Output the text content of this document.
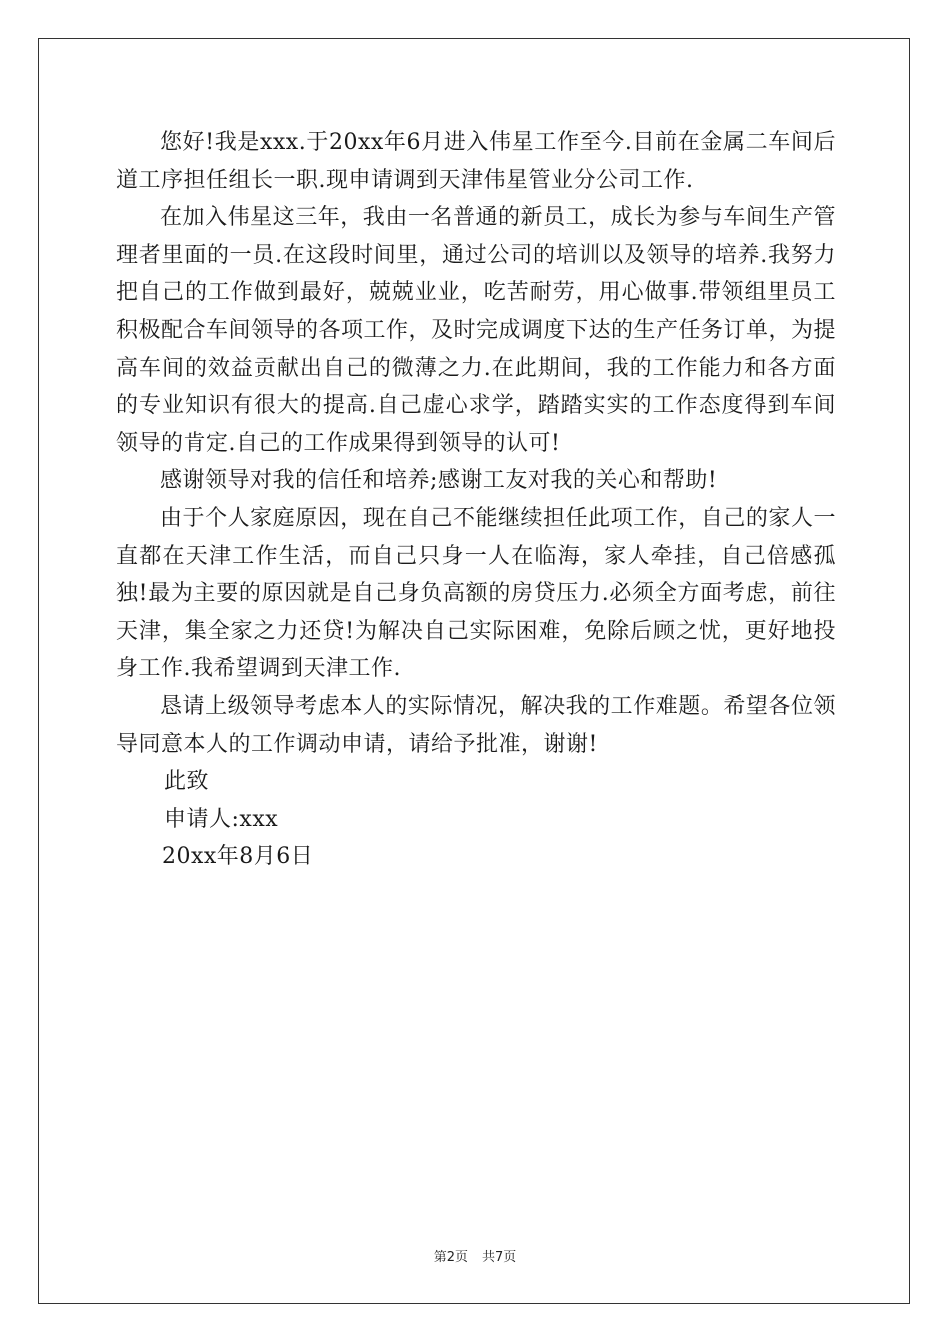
您好!我是xxx.于20xx年6月进入伟星工作至今.目前在金属二车间后道工序担任组长一职.现申请调到天津伟星管业分公司工作.

在加入伟星这三年，我由一名普通的新员工，成长为参与车间生产管理者里面的一员.在这段时间里，通过公司的培训以及领导的培养.我努力把自己的工作做到最好，兢兢业业，吃苦耐劳，用心做事.带领组里员工积极配合车间领导的各项工作，及时完成调度下达的生产任务订单，为提高车间的效益贡献出自己的微薄之力.在此期间，我的工作能力和各方面的专业知识有很大的提高.自己虚心求学，踏踏实实的工作态度得到车间领导的肯定.自己的工作成果得到领导的认可!

感谢领导对我的信任和培养;感谢工友对我的关心和帮助!

由于个人家庭原因，现在自己不能继续担任此项工作，自己的家人一直都在天津工作生活，而自己只身一人在临海，家人牵挂，自己倍感孤独!最为主要的原因就是自己身负高额的房贷压力.必须全方面考虑，前往天津，集全家之力还贷!为解决自己实际困难，免除后顾之忧，更好地投身工作.我希望调到天津工作.

恳请上级领导考虑本人的实际情况，解决我的工作难题。希望各位领导同意本人的工作调动申请，请给予批准，谢谢!

此致

申请人:xxx

20xx年8月6日

第2页 共7页
